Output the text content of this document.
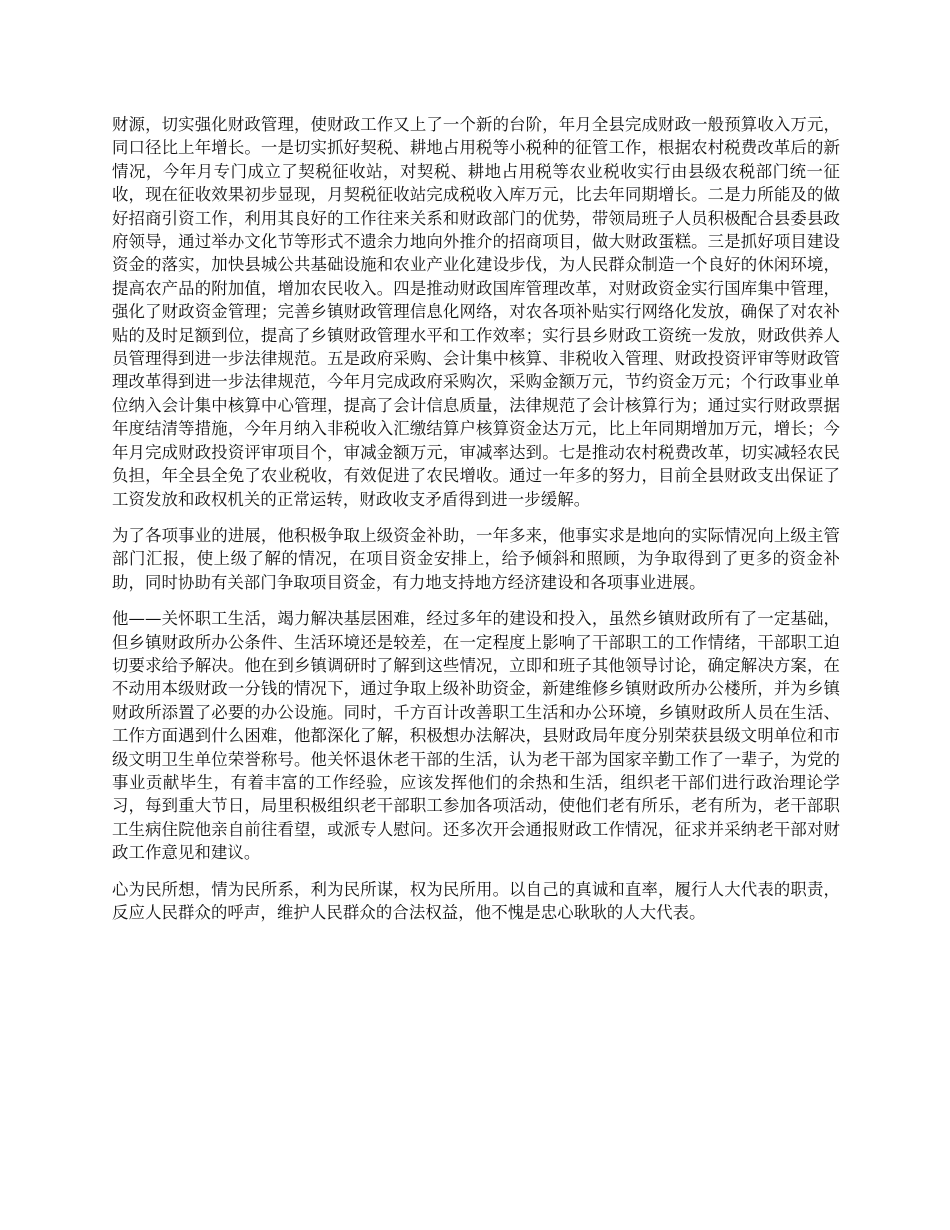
财源，切实强化财政管理，使财政工作又上了一个新的台阶，年月全县完成财政一般预算收入万元，同口径比上年增长。一是切实抓好契税、耕地占用税等小税种的征管工作，根据农村税费改革后的新情况，今年月专门成立了契税征收站，对契税、耕地占用税等农业税收实行由县级农税部门统一征收，现在征收效果初步显现，月契税征收站完成税收入库万元，比去年同期增长。二是力所能及的做好招商引资工作，利用其良好的工作往来关系和财政部门的优势，带领局班子人员积极配合县委县政府领导，通过举办文化节等形式不遗余力地向外推介的招商项目，做大财政蛋糕。三是抓好项目建设资金的落实，加快县城公共基础设施和农业产业化建设步伐，为人民群众制造一个良好的休闲环境，提高农产品的附加值，增加农民收入。四是推动财政国库管理改革，对财政资金实行国库集中管理，强化了财政资金管理；完善乡镇财政管理信息化网络，对农各项补贴实行网络化发放，确保了对农补贴的及时足额到位，提高了乡镇财政管理水平和工作效率；实行县乡财政工资统一发放，财政供养人员管理得到进一步法律规范。五是政府采购、会计集中核算、非税收入管理、财政投资评审等财政管理改革得到进一步法律规范，今年月完成政府采购次，采购金额万元，节约资金万元；个行政事业单位纳入会计集中核算中心管理，提高了会计信息质量，法律规范了会计核算行为；通过实行财政票据年度结清等措施，今年月纳入非税收入汇缴结算户核算资金达万元，比上年同期增加万元，增长；今年月完成财政投资评审项目个，审减金额万元，审减率达到。七是推动农村税费改革，切实减轻农民负担，年全县全免了农业税收，有效促进了农民增收。通过一年多的努力，目前全县财政支出保证了工资发放和政权机关的正常运转，财政收支矛盾得到进一步缓解。

为了各项事业的进展，他积极争取上级资金补助，一年多来，他事实求是地向的实际情况向上级主管部门汇报，使上级了解的情况，在项目资金安排上，给予倾斜和照顾，为争取得到了更多的资金补助，同时协助有关部门争取项目资金，有力地支持地方经济建设和各项事业进展。

他——关怀职工生活，竭力解决基层困难，经过多年的建设和投入，虽然乡镇财政所有了一定基础，但乡镇财政所办公条件、生活环境还是较差，在一定程度上影响了干部职工的工作情绪，干部职工迫切要求给予解决。他在到乡镇调研时了解到这些情况，立即和班子其他领导讨论，确定解决方案，在不动用本级财政一分钱的情况下，通过争取上级补助资金，新建维修乡镇财政所办公楼所，并为乡镇财政所添置了必要的办公设施。同时，千方百计改善职工生活和办公环境，乡镇财政所人员在生活、工作方面遇到什么困难，他都深化了解，积极想办法解决，县财政局年度分别荣获县级文明单位和市级文明卫生单位荣誉称号。他关怀退休老干部的生活，认为老干部为国家辛勤工作了一辈子，为党的事业贡献毕生，有着丰富的工作经验，应该发挥他们的余热和生活，组织老干部们进行政治理论学习，每到重大节日，局里积极组织老干部职工参加各项活动，使他们老有所乐，老有所为，老干部职工生病住院他亲自前往看望，或派专人慰问。还多次开会通报财政工作情况，征求并采纳老干部对财政工作意见和建议。

心为民所想，情为民所系，利为民所谋，权为民所用。以自己的真诚和直率，履行人大代表的职责，反应人民群众的呼声，维护人民群众的合法权益，他不愧是忠心耿耿的人大代表。
